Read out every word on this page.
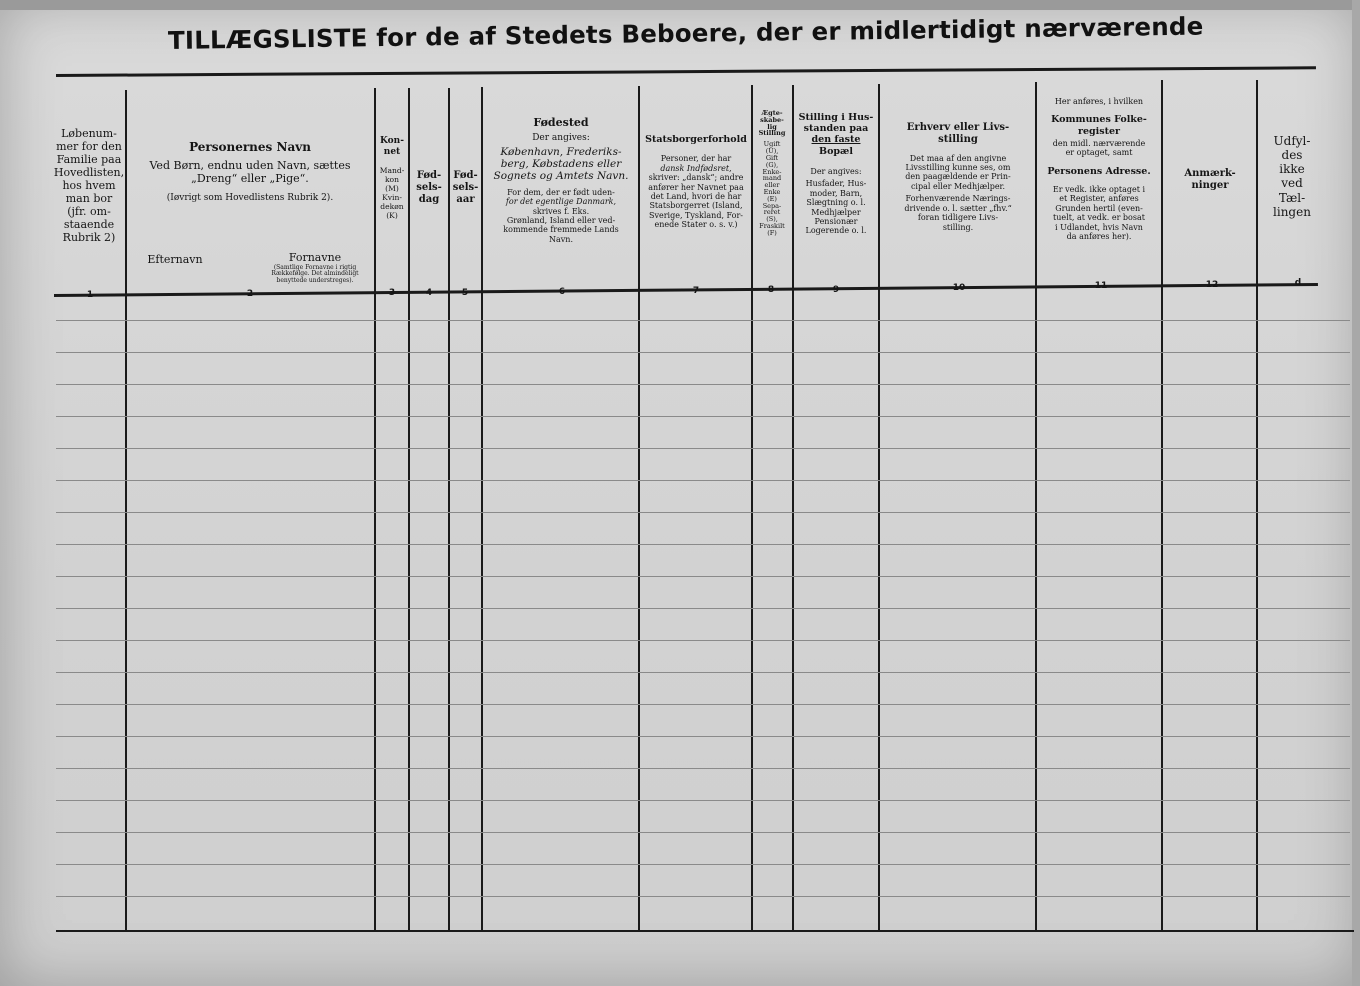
TILLÆGSLISTE for de af Stedets Beboere, der er midlertidigt nærværende
Løbenum-
mer for den
Familie paa
Hovedlisten,
hos hvem
man bor
(jfr. om-
staaende
Rubrik 2)
1
Personernes Navn
Ved Børn, endnu uden Navn, sættes
„Dreng“ eller „Pige“.
(Iøvrigt som Hovedlistens Rubrik 2).
Efternavn	Fornavne
(Samtlige Fornavne i rigtig
Rækkefølge. Det almindeligt
benyttede understreges).
2
Kon-
net
Mand-
kon
(M)
Kvin-
dekøn
(K)
3
Fød-
sels-
dag
4
Fød-
sels-
aar
5
Fødested
Der angives:
København, Frederiks-
berg, Købstadens eller
Sognets og Amtets Navn.
For dem, der er født uden-
for det egentlige Danmark,
skrives f. Eks.
Grønland, Island eller ved-
kommende fremmede Lands
Navn.
6
Statsborgerforhold
Personer, der har
dansk Indfødsret,
skriver: „dansk“; andre
anfører her Navnet paa
det Land, hvori de har
Statsborgerret (Island,
Sverige, Tyskland, For-
enede Stater o. s. v.)
7
Ægte-
skabe-
lig
Stilling
Ugift
(U),
Gift
(G),
Enke-
mand
eller
Enke
(E)
Sepa-
reret
(S),
Fraskilt
(F)
8
Stilling i Hus-
standen paa
den faste
Bopæl
Der angives:
Husfader, Hus-
moder, Barn,
Slægtning o. l.
Medhjælper
Pensionær
Logerende o. l.
9
Erhverv eller Livs-
stilling
Det maa af den angivne
Livsstilling kunne ses, om
den paagældende er Prin-
cipal eller Medhjælper.
Forhenværende Nærings-
drivende o. l. sætter „fhv.“
foran tidligere Livs-
stilling.
10
Her anføres, i hvilken
Kommunes Folke-
register
den midl. nærværende
er optaget, samt
Personens Adresse.
Er vedk. ikke optaget i
et Register, anføres
Grunden hertil (even-
tuelt, at vedk. er bosat
i Udlandet, hvis Navn
da anføres her).
11
Anmærk-
ninger
12
Udfyl-
des
ikke
ved
Tæl-
lingen
d
